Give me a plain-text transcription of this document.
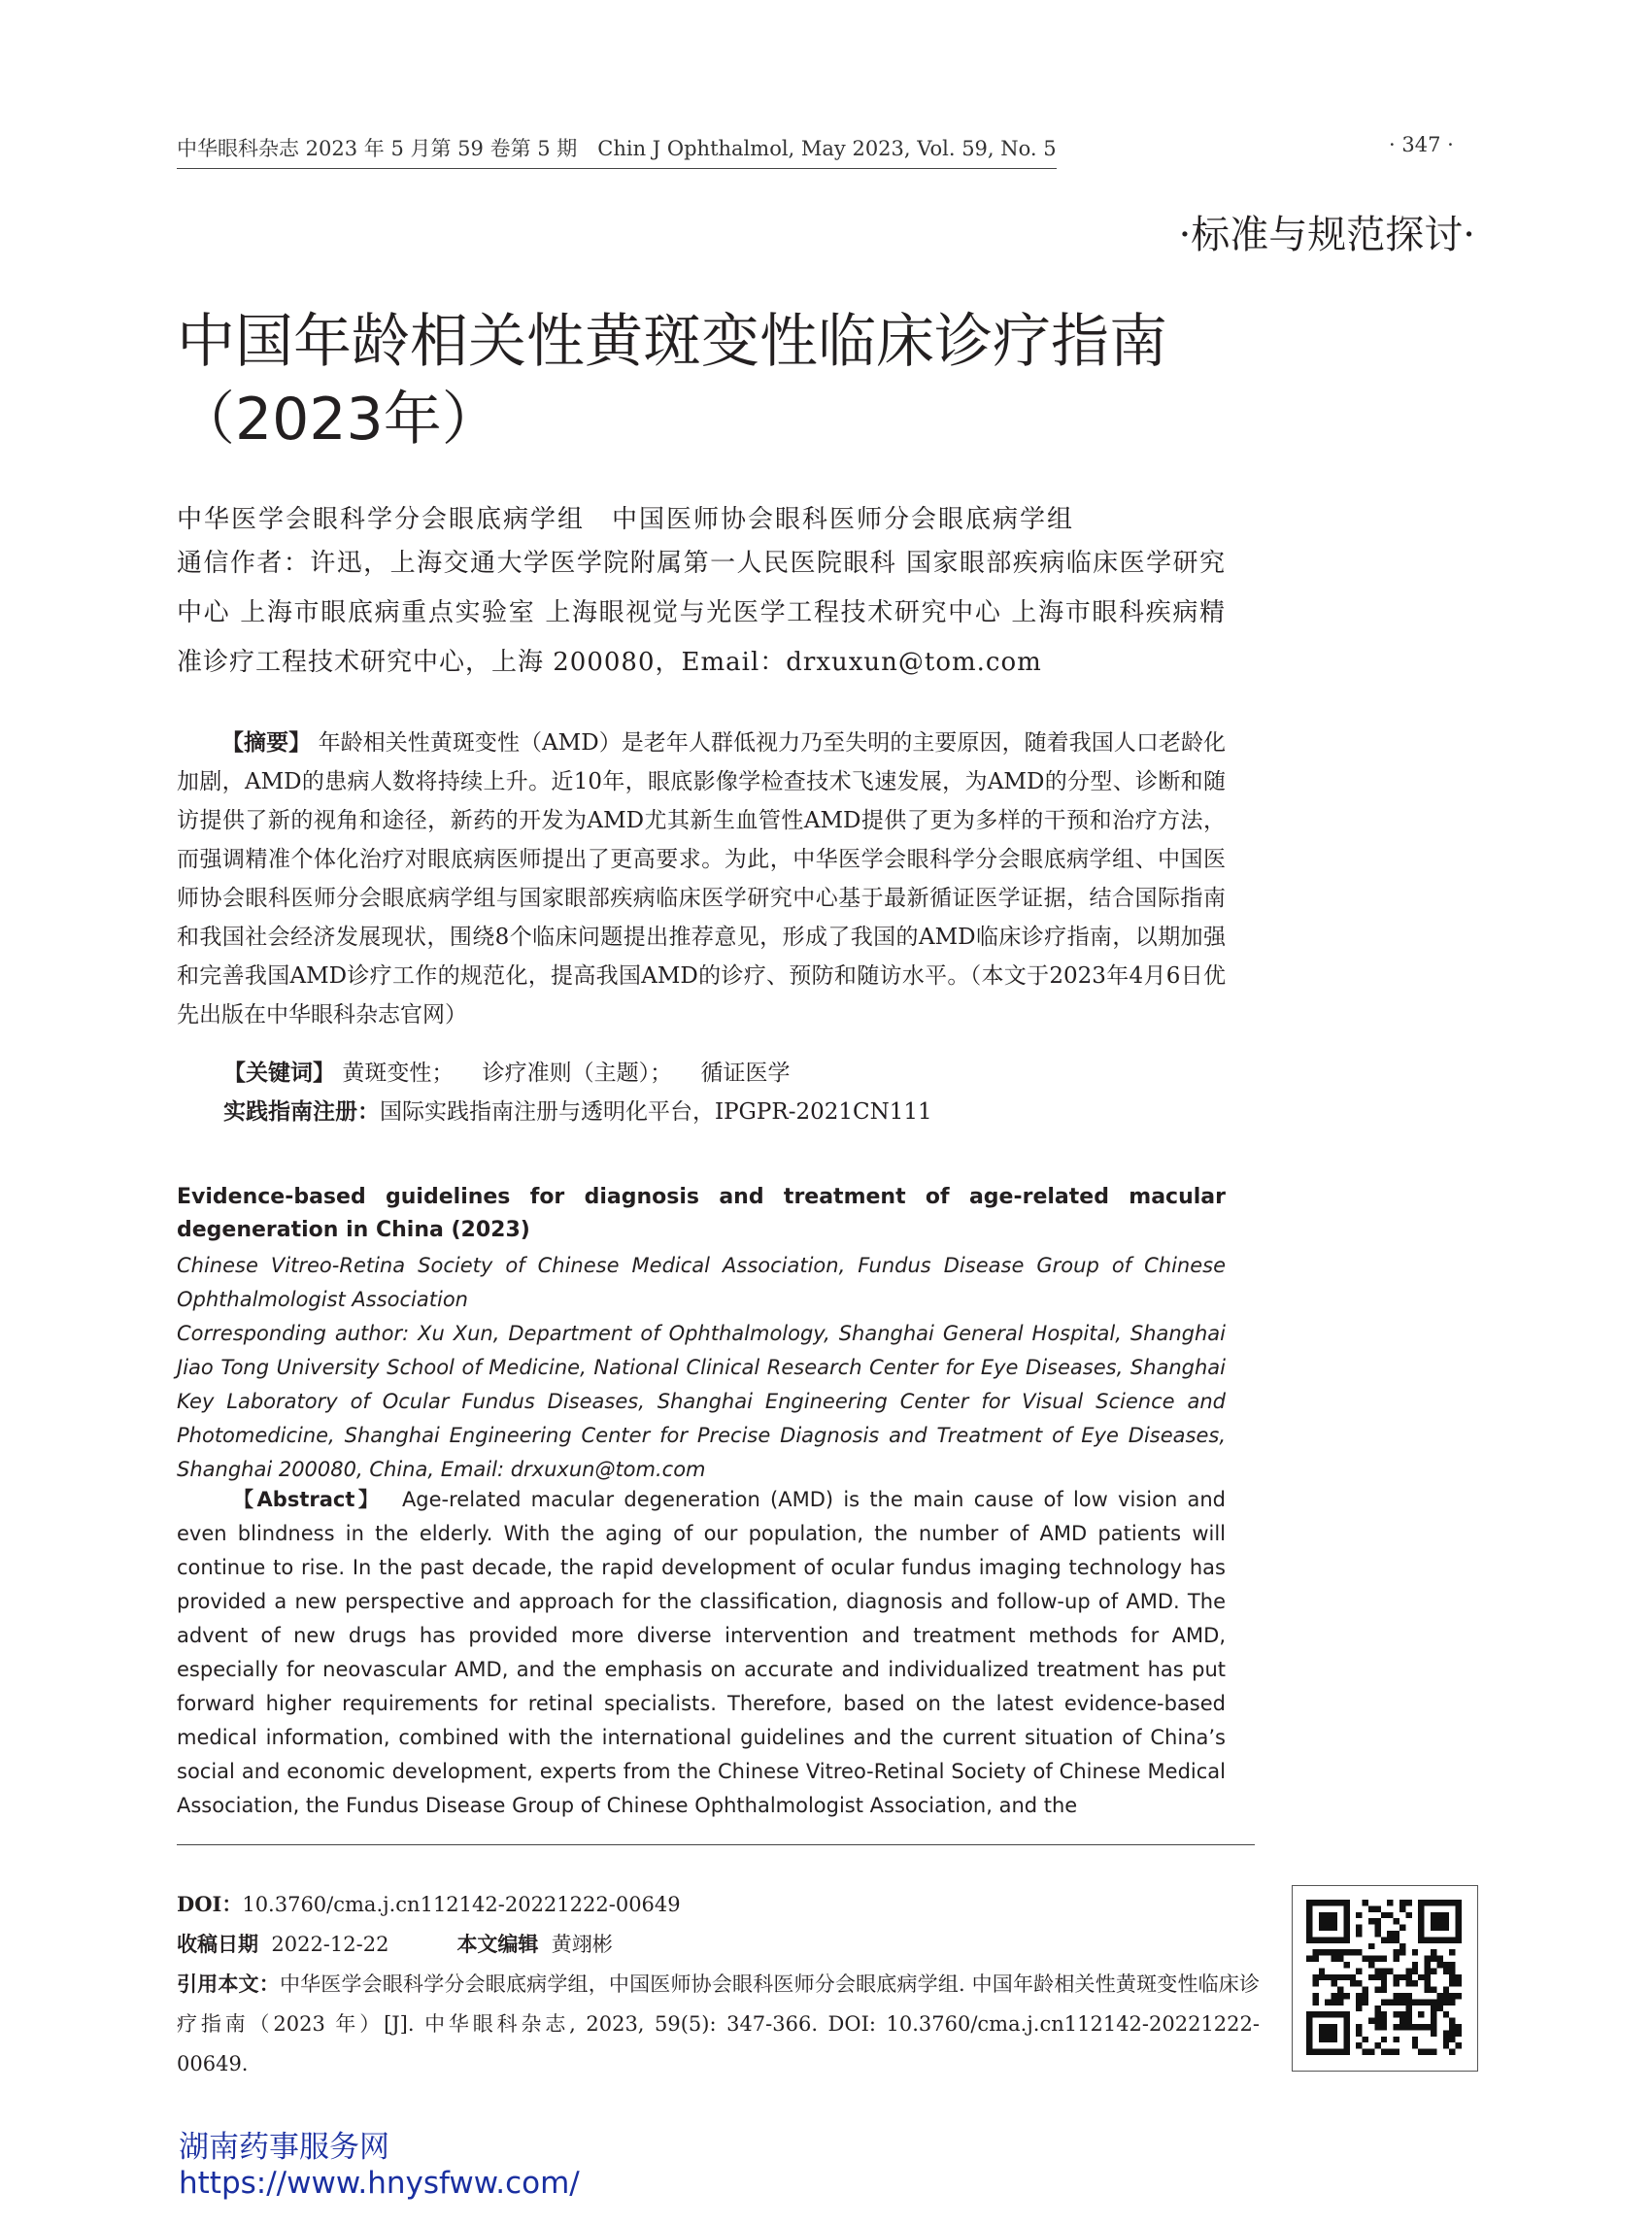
中华眼科杂志 2023 年 5 月第 59 卷第 5 期　Chin J Ophthalmol, May 2023, Vol. 59, No. 5	· 347 ·
·标准与规范探讨·
中国年龄相关性黄斑变性临床诊疗指南
（2023年）
中华医学会眼科学分会眼底病学组　中国医师协会眼科医师分会眼底病学组
通信作者：许迅，上海交通大学医学院附属第一人民医院眼科 国家眼部疾病临床医学研究中心 上海市眼底病重点实验室 上海眼视觉与光医学工程技术研究中心 上海市眼科疾病精准诊疗工程技术研究中心，上海 200080，Email：drxuxun@tom.com
【摘要】 年龄相关性黄斑变性（AMD）是老年人群低视力乃至失明的主要原因，随着我国人口老龄化加剧，AMD的患病人数将持续上升。近10年，眼底影像学检查技术飞速发展，为AMD的分型、诊断和随访提供了新的视角和途径，新药的开发为AMD尤其新生血管性AMD提供了更为多样的干预和治疗方法，而强调精准个体化治疗对眼底病医师提出了更高要求。为此，中华医学会眼科学分会眼底病学组、中国医师协会眼科医师分会眼底病学组与国家眼部疾病临床医学研究中心基于最新循证医学证据，结合国际指南和我国社会经济发展现状，围绕8个临床问题提出推荐意见，形成了我国的AMD临床诊疗指南，以期加强和完善我国AMD诊疗工作的规范化，提高我国AMD的诊疗、预防和随访水平。（本文于2023年4月6日优先出版在中华眼科杂志官网）
【关键词】 黄斑变性； 诊疗准则（主题）； 循证医学
实践指南注册：国际实践指南注册与透明化平台，IPGPR-2021CN111
Evidence-based guidelines for diagnosis and treatment of age-related macular degeneration in China (2023)
Chinese Vitreo-Retina Society of Chinese Medical Association, Fundus Disease Group of Chinese Ophthalmologist Association
Corresponding author: Xu Xun, Department of Ophthalmology, Shanghai General Hospital, Shanghai Jiao Tong University School of Medicine, National Clinical Research Center for Eye Diseases, Shanghai Key Laboratory of Ocular Fundus Diseases, Shanghai Engineering Center for Visual Science and Photomedicine, Shanghai Engineering Center for Precise Diagnosis and Treatment of Eye Diseases, Shanghai 200080, China, Email: drxuxun@tom.com
【Abstract】 Age-related macular degeneration (AMD) is the main cause of low vision and even blindness in the elderly. With the aging of our population, the number of AMD patients will continue to rise. In the past decade, the rapid development of ocular fundus imaging technology has provided a new perspective and approach for the classification, diagnosis and follow-up of AMD. The advent of new drugs has provided more diverse intervention and treatment methods for AMD, especially for neovascular AMD, and the emphasis on accurate and individualized treatment has put forward higher requirements for retinal specialists. Therefore, based on the latest evidence-based medical information, combined with the international guidelines and the current situation of China’s social and economic development, experts from the Chinese Vitreo-Retinal Society of Chinese Medical Association, the Fundus Disease Group of Chinese Ophthalmologist Association, and the
DOI：10.3760/cma.j.cn112142-20221222-00649
收稿日期 2022-12-22	本文编辑 黄翊彬
引用本文：中华医学会眼科学分会眼底病学组，中国医师协会眼科医师分会眼底病学组. 中国年龄相关性黄斑变性临床诊疗指南（2023 年）[J]. 中华眼科杂志, 2023, 59(5): 347-366. DOI: 10.3760/cma.j.cn112142-20221222-00649.
湖南药事服务网
https://www.hnysfww.com/
